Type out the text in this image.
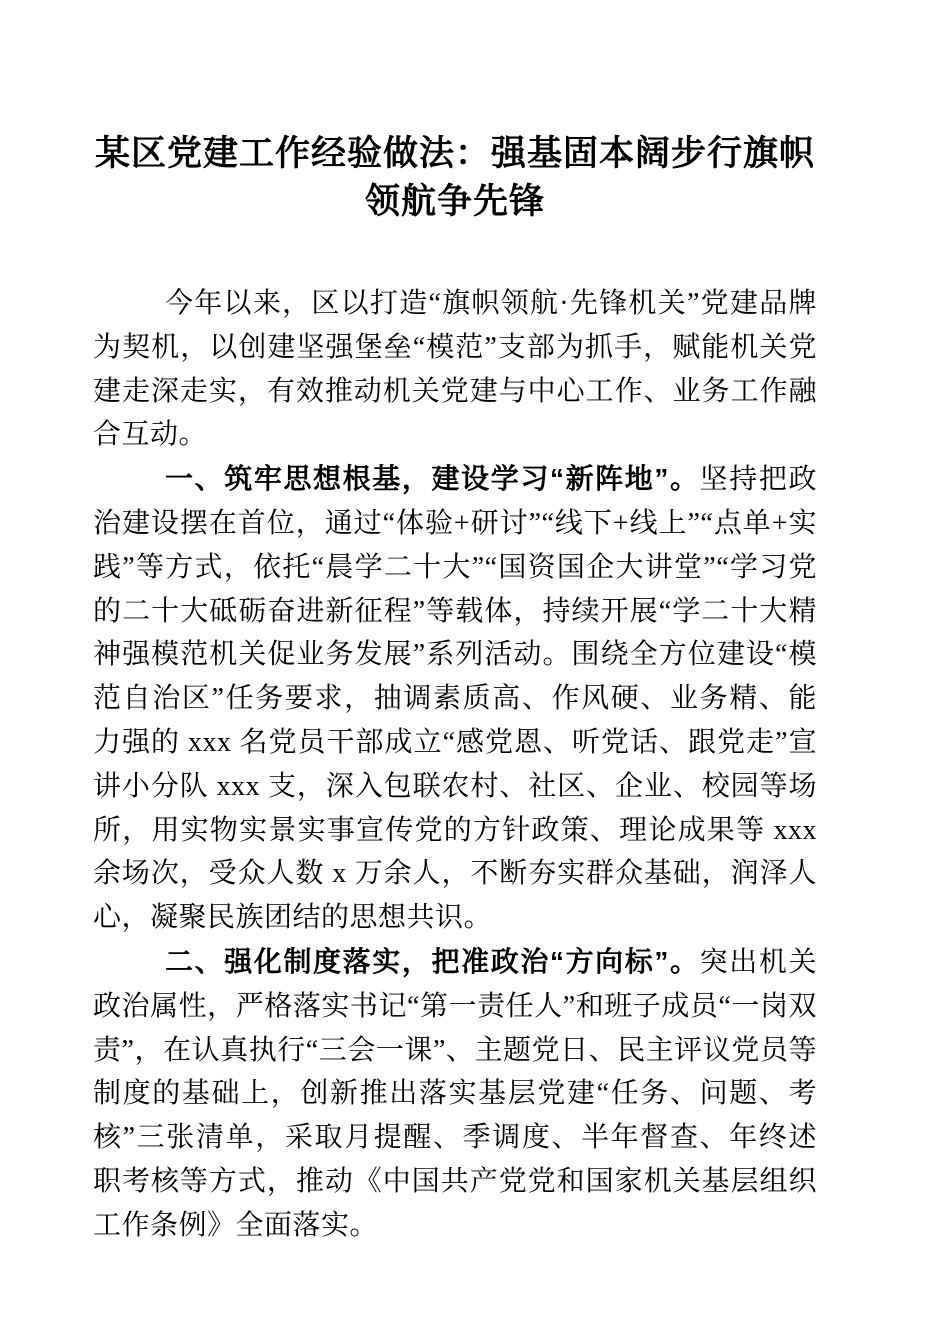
某区党建工作经验做法：强基固本阔步行旗帜领航争先锋

今年以来，区以打造“旗帜领航·先锋机关”党建品牌为契机，以创建坚强堡垒“模范”支部为抓手，赋能机关党建走深走实，有效推动机关党建与中心工作、业务工作融合互动。

一、筑牢思想根基，建设学习“新阵地”。坚持把政治建设摆在首位，通过“体验+研讨”“线下+线上”“点单+实践”等方式，依托“晨学二十大”“国资国企大讲堂”“学习党的二十大砥砺奋进新征程”等载体，持续开展“学二十大精神强模范机关促业务发展”系列活动。围绕全方位建设“模范自治区”任务要求，抽调素质高、作风硬、业务精、能力强的 xxx 名党员干部成立“感党恩、听党话、跟党走”宣讲小分队 xxx 支，深入包联农村、社区、企业、校园等场所，用实物实景实事宣传党的方针政策、理论成果等 xxx 余场次，受众人数 x 万余人，不断夯实群众基础，润泽人心，凝聚民族团结的思想共识。

二、强化制度落实，把准政治“方向标”。突出机关政治属性，严格落实书记“第一责任人”和班子成员“一岗双责”，在认真执行“三会一课”、主题党日、民主评议党员等制度的基础上，创新推出落实基层党建“任务、问题、考核”三张清单，采取月提醒、季调度、半年督查、年终述职考核等方式，推动《中国共产党党和国家机关基层组织工作条例》全面落实。
